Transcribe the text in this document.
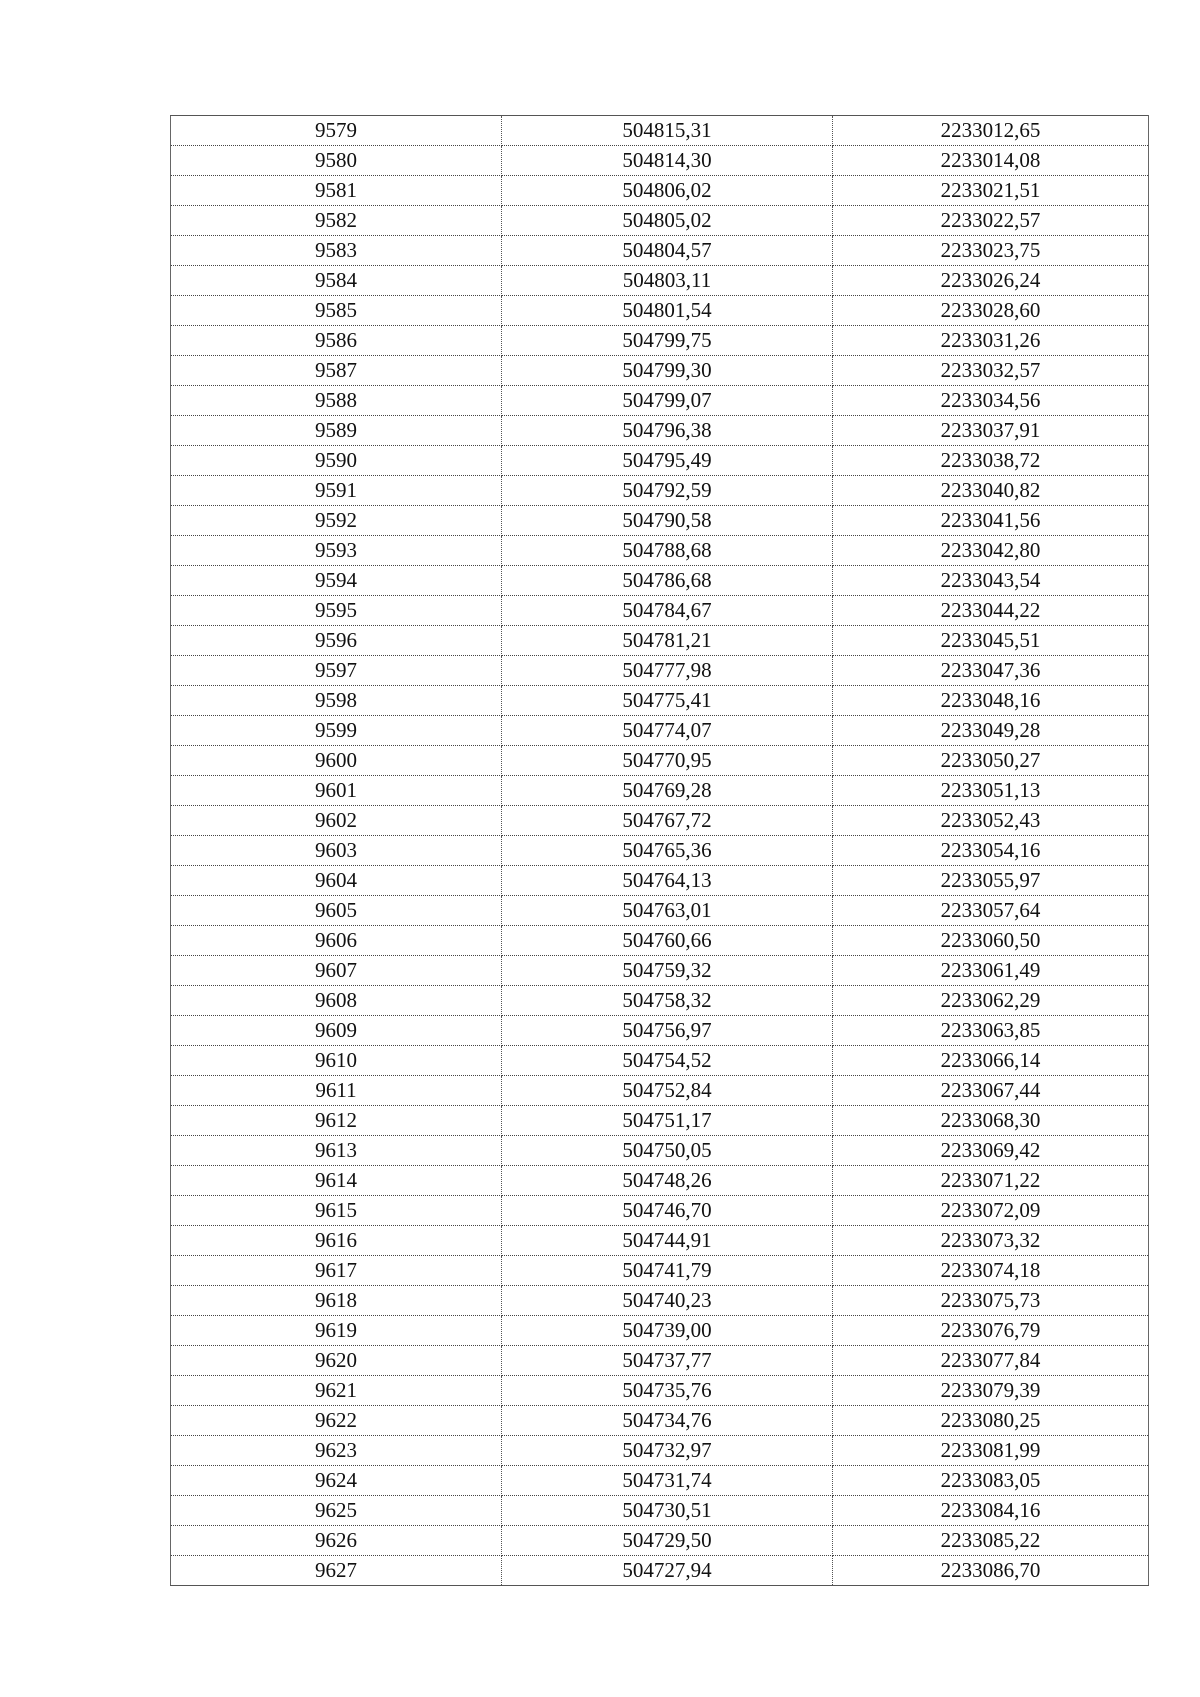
9579	504815,31	2233012,65
9580	504814,30	2233014,08
9581	504806,02	2233021,51
9582	504805,02	2233022,57
9583	504804,57	2233023,75
9584	504803,11	2233026,24
9585	504801,54	2233028,60
9586	504799,75	2233031,26
9587	504799,30	2233032,57
9588	504799,07	2233034,56
9589	504796,38	2233037,91
9590	504795,49	2233038,72
9591	504792,59	2233040,82
9592	504790,58	2233041,56
9593	504788,68	2233042,80
9594	504786,68	2233043,54
9595	504784,67	2233044,22
9596	504781,21	2233045,51
9597	504777,98	2233047,36
9598	504775,41	2233048,16
9599	504774,07	2233049,28
9600	504770,95	2233050,27
9601	504769,28	2233051,13
9602	504767,72	2233052,43
9603	504765,36	2233054,16
9604	504764,13	2233055,97
9605	504763,01	2233057,64
9606	504760,66	2233060,50
9607	504759,32	2233061,49
9608	504758,32	2233062,29
9609	504756,97	2233063,85
9610	504754,52	2233066,14
9611	504752,84	2233067,44
9612	504751,17	2233068,30
9613	504750,05	2233069,42
9614	504748,26	2233071,22
9615	504746,70	2233072,09
9616	504744,91	2233073,32
9617	504741,79	2233074,18
9618	504740,23	2233075,73
9619	504739,00	2233076,79
9620	504737,77	2233077,84
9621	504735,76	2233079,39
9622	504734,76	2233080,25
9623	504732,97	2233081,99
9624	504731,74	2233083,05
9625	504730,51	2233084,16
9626	504729,50	2233085,22
9627	504727,94	2233086,70
